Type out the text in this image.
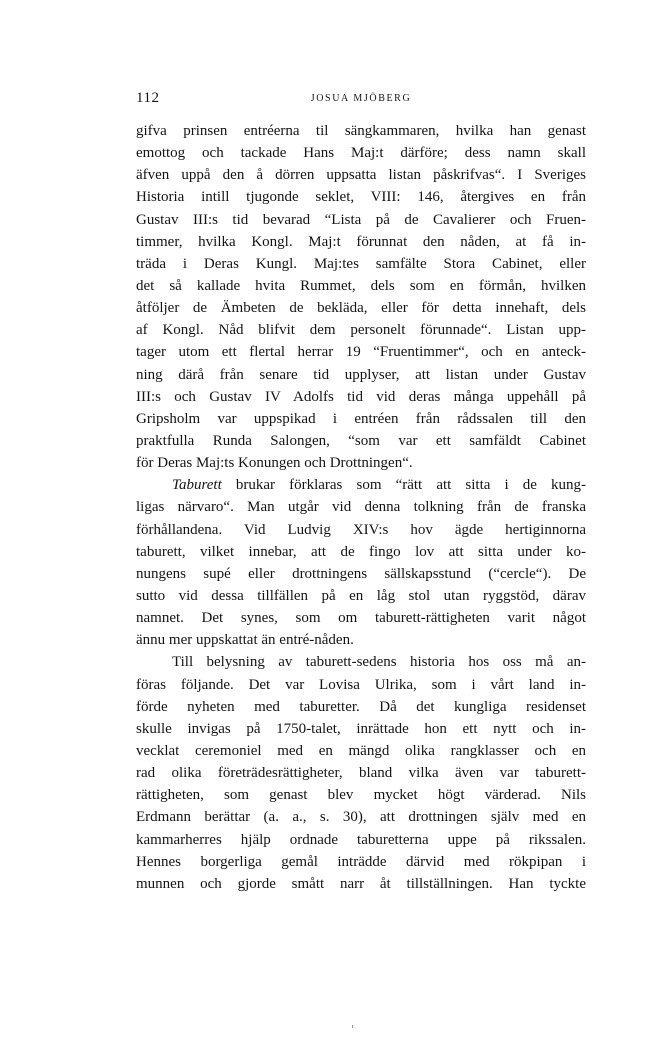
112	JOSUA MJÖBERG
gifva prinsen entréerna til sängkammaren, hvilka han genast
emottog och tackade Hans Maj:t därföre; dess namn skall
äfven uppå den å dörren uppsatta listan påskrifvas“. I Sveriges
Historia intill tjugonde seklet, VIII: 146, återgives en från
Gustav III:s tid bevarad “Lista på de Cavalierer och Fruen-
timmer, hvilka Kongl. Maj:t förunnat den nåden, at få in-
träda i Deras Kungl. Maj:tes samfälte Stora Cabinet, eller
det så kallade hvita Rummet, dels som en förmån, hvilken
åtföljer de Ämbeten de bekläda, eller för detta innehaft, dels
af Kongl. Nåd blifvit dem personelt förunnade“. Listan upp-
tager utom ett flertal herrar 19 “Fruentimmer“, och en anteck-
ning därå från senare tid upplyser, att listan under Gustav
III:s och Gustav IV Adolfs tid vid deras många uppehåll på
Gripsholm var uppspikad i entréen från rådssalen till den
praktfulla Runda Salongen, “som var ett samfäldt Cabinet
för Deras Maj:ts Konungen och Drottningen“.
Taburett brukar förklaras som “rätt att sitta i de kung-
ligas närvaro“. Man utgår vid denna tolkning från de franska
förhållandena. Vid Ludvig XIV:s hov ägde hertiginnorna
taburett, vilket innebar, att de fingo lov att sitta under ko-
nungens supé eller drottningens sällskapsstund (“cercle“). De
sutto vid dessa tillfällen på en låg stol utan ryggstöd, därav
namnet. Det synes, som om taburett-rättigheten varit något
ännu mer uppskattat än entré-nåden.
Till belysning av taburett-sedens historia hos oss må an-
föras följande. Det var Lovisa Ulrika, som i vårt land in-
förde nyheten med taburetter. Då det kungliga residenset
skulle invigas på 1750-talet, inrättade hon ett nytt och in-
vecklat ceremoniel med en mängd olika rangklasser och en
rad olika företrädesrättigheter, bland vilka även var taburett-
rättigheten, som genast blev mycket högt värderad. Nils
Erdmann berättar (a. a., s. 30), att drottningen själv med en
kammarherres hjälp ordnade taburetterna uppe på rikssalen.
Hennes borgerliga gemål inträdde därvid med rökpipan i
munnen och gjorde smått narr åt tillställningen. Han tyckte
